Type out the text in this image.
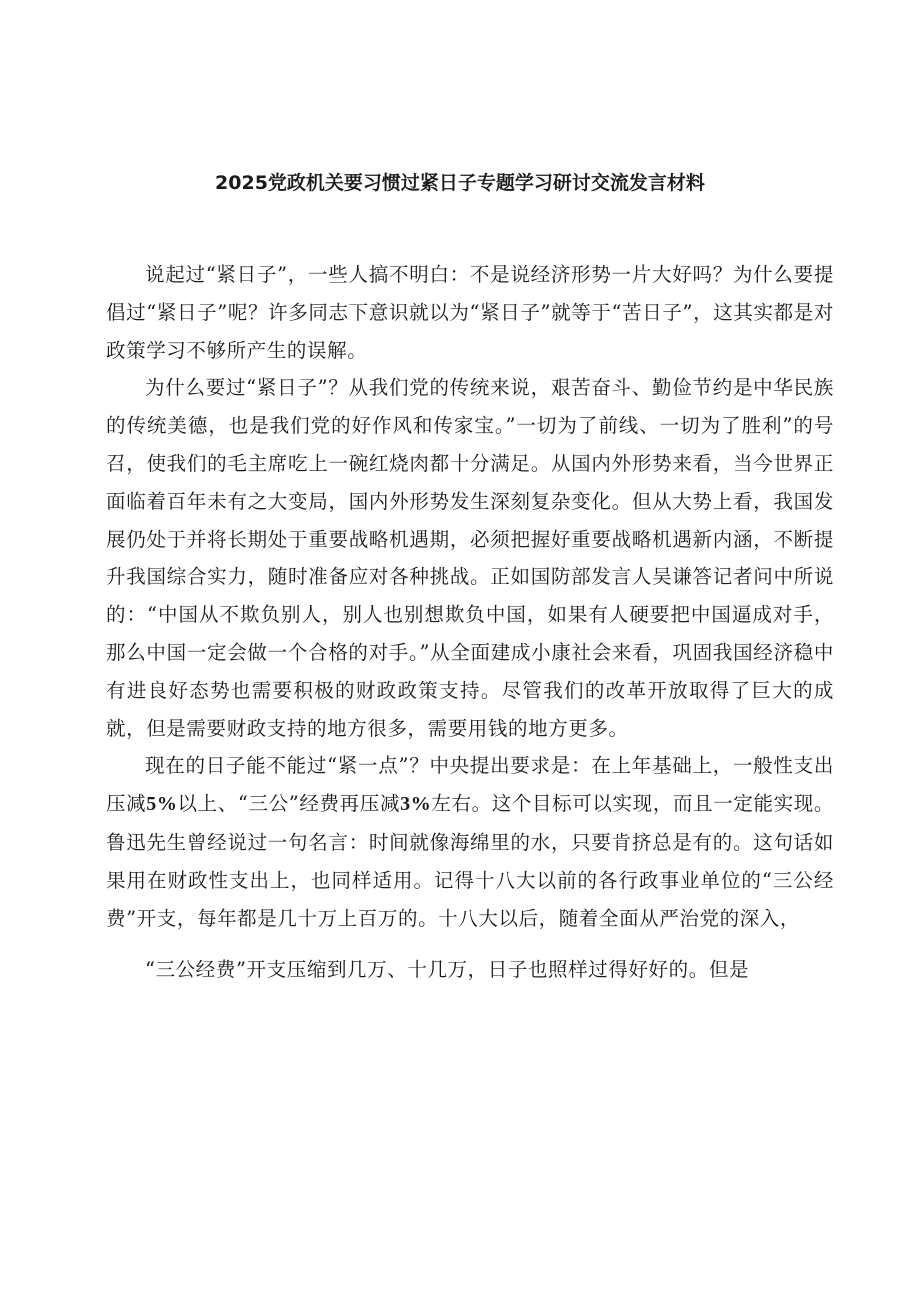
2025党政机关要习惯过紧日子专题学习研讨交流发言材料

说起过“紧日子”，一些人搞不明白：不是说经济形势一片大好吗？为什么要提倡过“紧日子”呢？许多同志下意识就以为“紧日子”就等于“苦日子”，这其实都是对政策学习不够所产生的误解。

为什么要过“紧日子”？从我们党的传统来说，艰苦奋斗、勤俭节约是中华民族的传统美德，也是我们党的好作风和传家宝。”一切为了前线、一切为了胜利”的号召，使我们的毛主席吃上一碗红烧肉都十分满足。从国内外形势来看，当今世界正面临着百年未有之大变局，国内外形势发生深刻复杂变化。但从大势上看，我国发展仍处于并将长期处于重要战略机遇期，必须把握好重要战略机遇新内涵，不断提升我国综合实力，随时准备应对各种挑战。正如国防部发言人吴谦答记者问中所说的：“中国从不欺负别人，别人也别想欺负中国，如果有人硬要把中国逼成对手，那么中国一定会做一个合格的对手。”从全面建成小康社会来看，巩固我国经济稳中有进良好态势也需要积极的财政政策支持。尽管我们的改革开放取得了巨大的成就，但是需要财政支持的地方很多，需要用钱的地方更多。

现在的日子能不能过“紧一点”？中央提出要求是：在上年基础上，一般性支出压减5%以上、“三公”经费再压减3%左右。这个目标可以实现，而且一定能实现。鲁迅先生曾经说过一句名言：时间就像海绵里的水，只要肯挤总是有的。这句话如果用在财政性支出上，也同样适用。记得十八大以前的各行政事业单位的“三公经费”开支，每年都是几十万上百万的。十八大以后，随着全面从严治党的深入，

“三公经费”开支压缩到几万、十几万，日子也照样过得好好的。但是
